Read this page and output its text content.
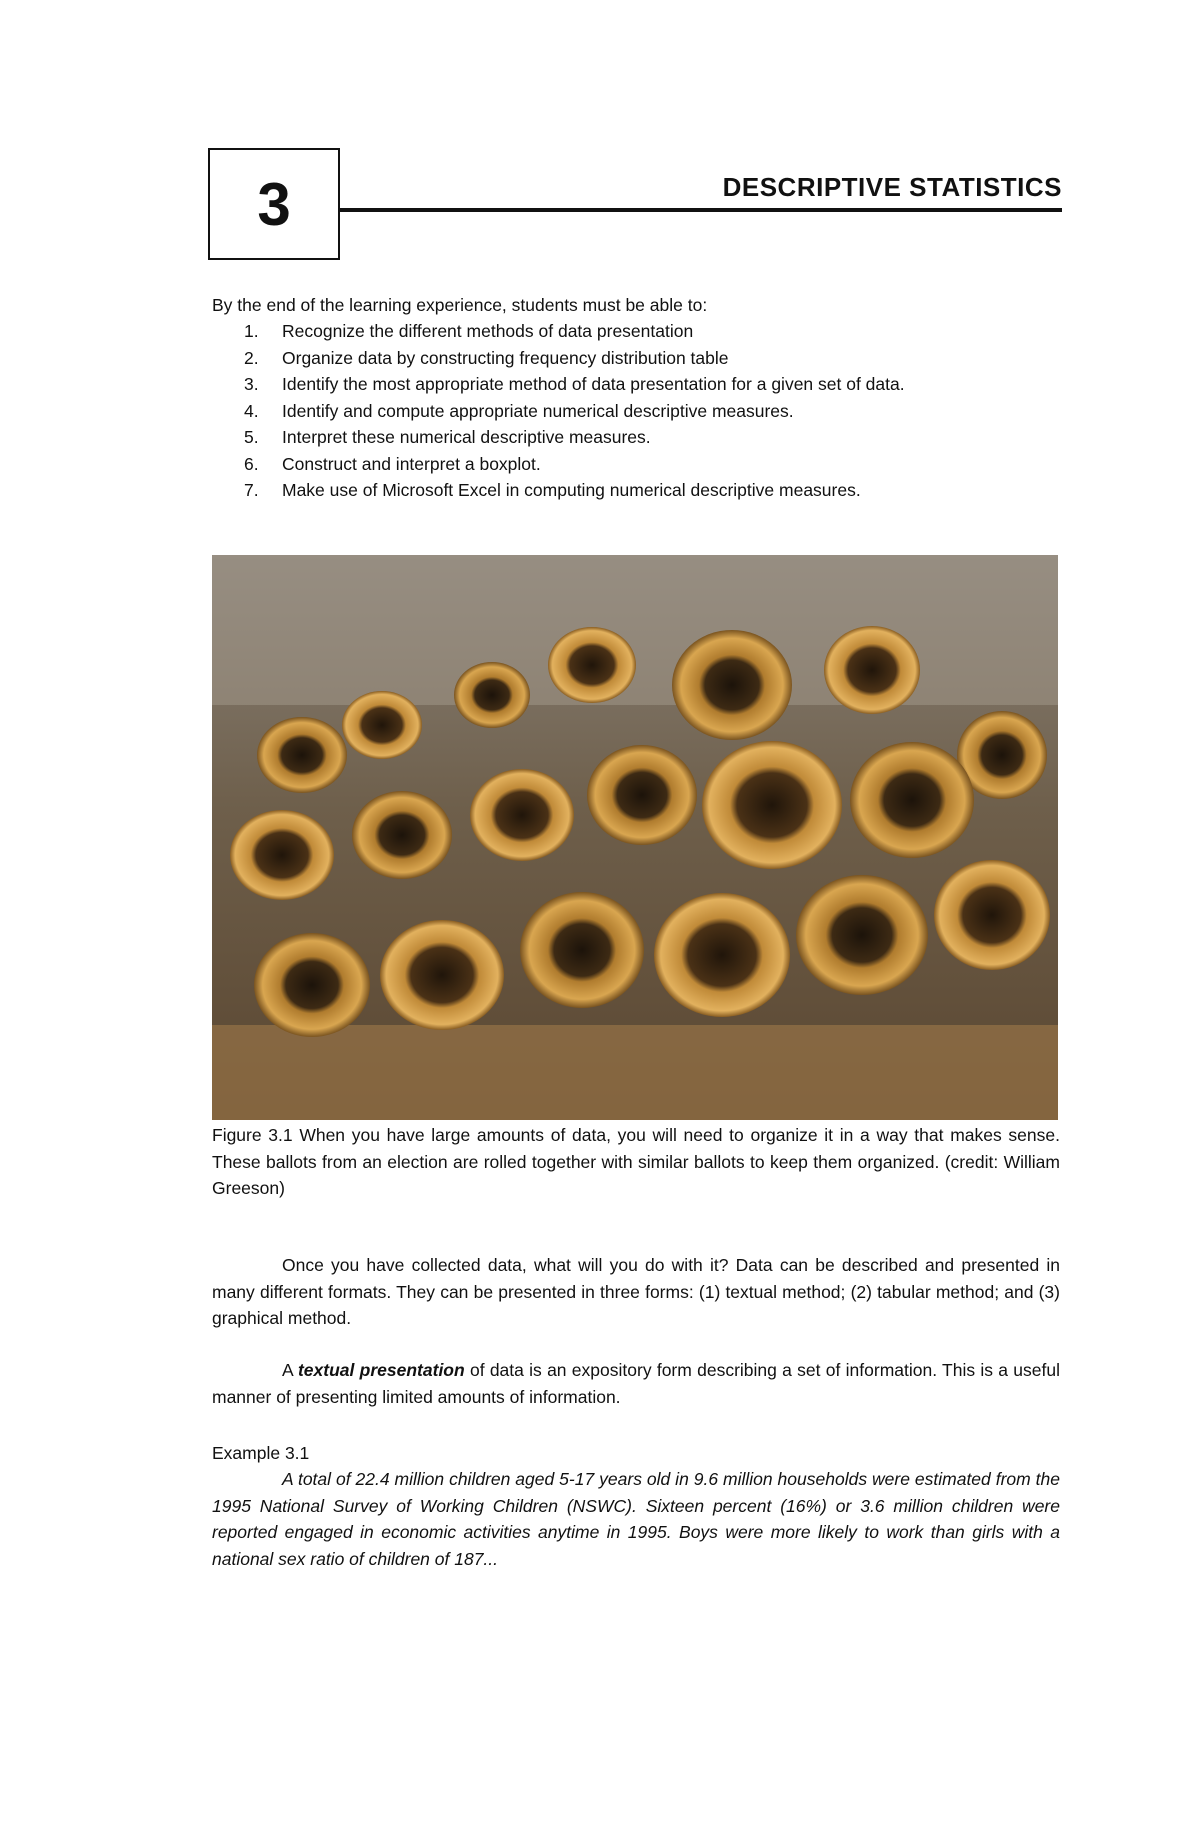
3	DESCRIPTIVE STATISTICS

By the end of the learning experience, students must be able to:

1.	Recognize the different methods of data presentation
2.	Organize data by constructing frequency distribution table
3.	Identify the most appropriate method of data presentation for a given set of data.
4.	Identify and compute appropriate numerical descriptive measures.
5.	Interpret these numerical descriptive measures.
6.	Construct and interpret a boxplot.
7.	Make use of Microsoft Excel in computing numerical descriptive measures.

Figure 3.1 When you have large amounts of data, you will need to organize it in a way that makes sense. These ballots from an election are rolled together with similar ballots to keep them organized. (credit: William Greeson)

Once you have collected data, what will you do with it? Data can be described and presented in many different formats. They can be presented in three forms: (1) textual method; (2) tabular method; and (3) graphical method.

A textual presentation of data is an expository form describing a set of information. This is a useful manner of presenting limited amounts of information.

Example 3.1

A total of 22.4 million children aged 5-17 years old in 9.6 million households were estimated from the 1995 National Survey of Working Children (NSWC). Sixteen percent (16%) or 3.6 million children were reported engaged in economic activities anytime in 1995. Boys were more likely to work than girls with a national sex ratio of children of 187...
